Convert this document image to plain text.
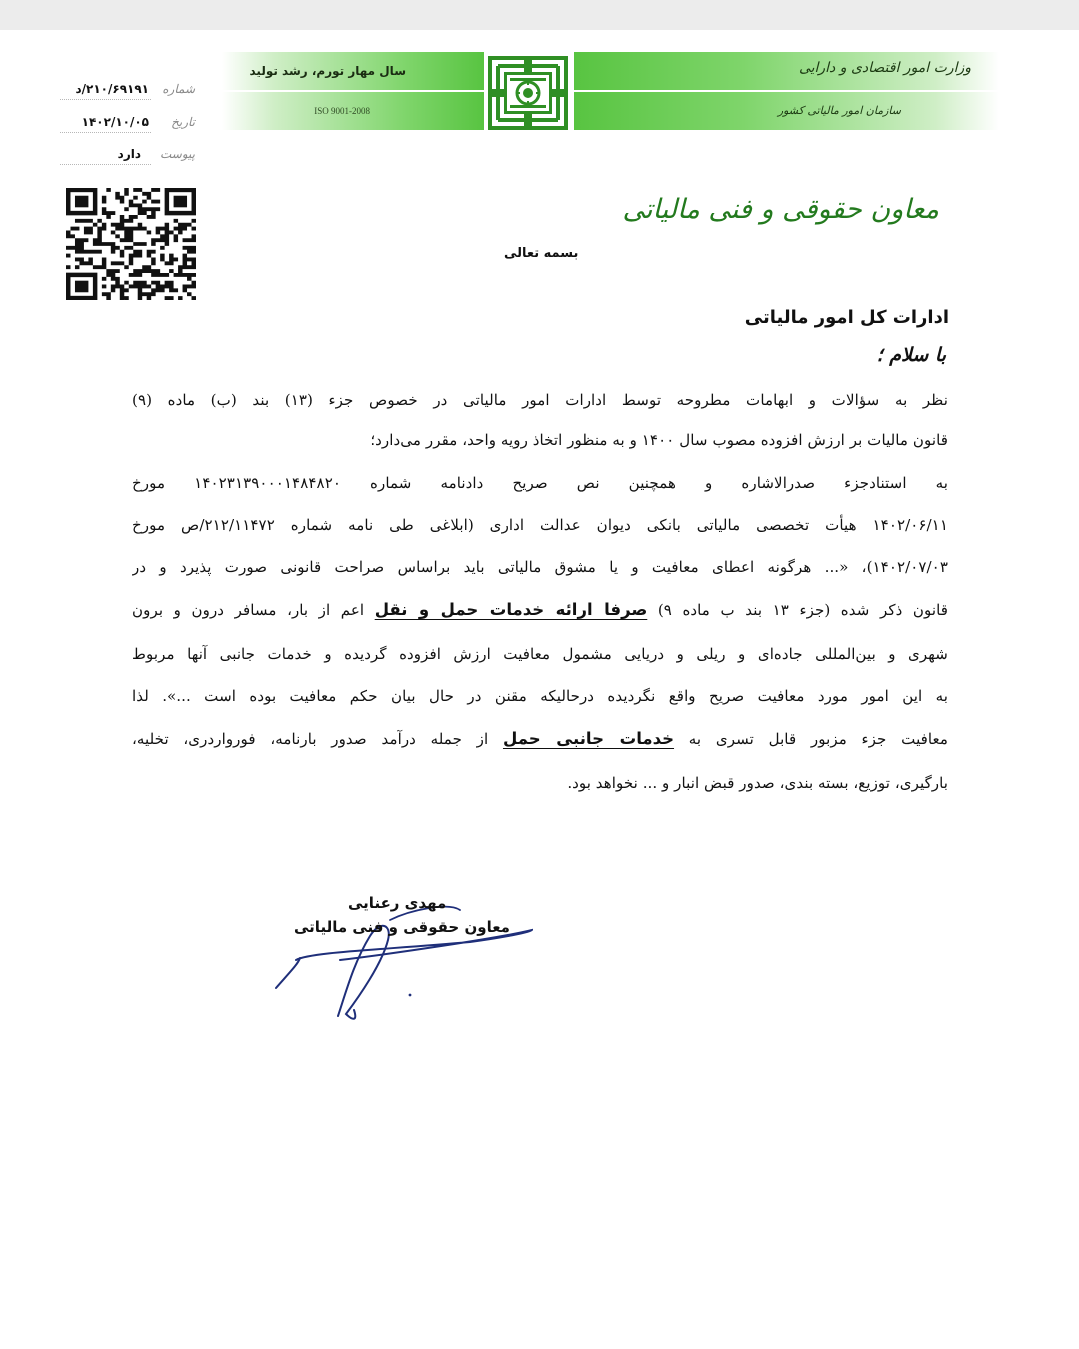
سال مهار تورم، رشد تولید
ISO 9001-2008
وزارت امور اقتصادی و دارایی
سازمان امور مالیاتی کشور
شماره
۲۱۰/۶۹۱۹۱/د
تاریخ
۱۴۰۲/۱۰/۰۵
پیوست
دارد
معاون حقوقی و فنی مالیاتی
بسمه تعالی
ادارات کل امور مالیاتی
با سلام ؛
نظر به سؤالات و ابهامات مطروحه توسط ادارات امور مالیاتی در خصوص جزء (۱۳) بند (ب) ماده (۹)
قانون مالیات بر ارزش افزوده مصوب سال ۱۴۰۰ و به منظور اتخاذ رویه واحد، مقرر می‌دارد؛
به استنادجزء صدرالاشاره و همچنین نص صریح دادنامه شماره ۱۴۰۲۳۱۳۹۰۰۰۱۴۸۴۸۲۰ مورخ
۱۴۰۲/۰۶/۱۱ هیأت تخصصی مالیاتی بانکی دیوان عدالت اداری (ابلاغی طی نامه شماره ۲۱۲/۱۱۴۷۲/ص مورخ
۱۴۰۲/۰۷/۰۳)، «... هرگونه اعطای معافیت و یا مشوق مالیاتی باید براساس صراحت قانونی صورت پذیرد و در
قانون ذکر شده (جزء ۱۳ بند ب ماده ۹) صرفا ارائه خدمات حمل و نقل اعم از بار، مسافر درون و برون
شهری و بین‌المللی جاده‌ای و ریلی و دریایی مشمول معافیت ارزش افزوده گردیده و خدمات جانبی آنها مربوط
به این امور مورد معافیت صریح واقع نگردیده درحالیکه مقنن در حال بیان حکم معافیت بوده است ...». لذا
معافیت جزء مزبور قابل تسری به خدمات جانبی حمل از جمله درآمد صدور بارنامه، فورواردری، تخلیه،
بارگیری، توزیع، بسته بندی، صدور قبض انبار و ... نخواهد بود.
مهدی رعنایی
معاون حقوقی و فنی مالیاتی
